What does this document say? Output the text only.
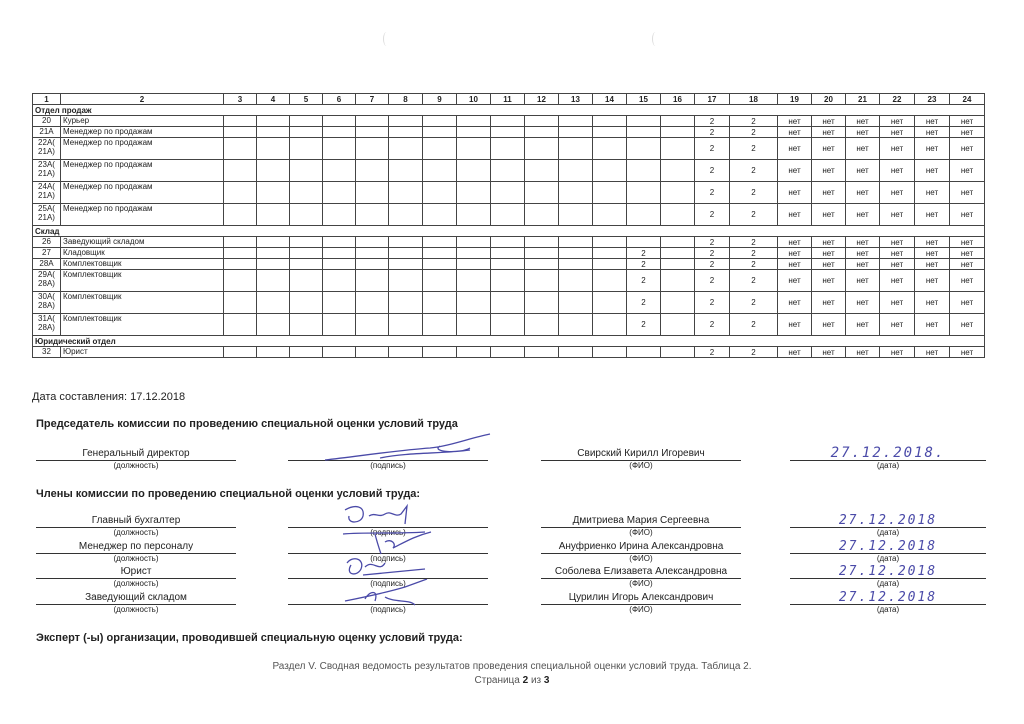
1	2	3	4	5	6	7	8	9	10	11	12	13	14	15	16	17	18	19	20	21	22	23	24
Отдел продаж																							
20	Курьер															2	2	нет	нет	нет	нет	нет	нет
21А	Менеджер по продажам															2	2	нет	нет	нет	нет	нет	нет
22А(
21А)	Менеджер по продажам															2	2	нет	нет	нет	нет	нет	нет
23А(
21А)	Менеджер по продажам															2	2	нет	нет	нет	нет	нет	нет
24А(
21А)	Менеджер по продажам															2	2	нет	нет	нет	нет	нет	нет
25А(
21А)	Менеджер по продажам															2	2	нет	нет	нет	нет	нет	нет
Склад																							
26	Заведующий складом															2	2	нет	нет	нет	нет	нет	нет
27	Кладовщик													2		2	2	нет	нет	нет	нет	нет	нет
28А	Комплектовщик													2		2	2	нет	нет	нет	нет	нет	нет
29А(
28А)	Комплектовщик													2		2	2	нет	нет	нет	нет	нет	нет
30А(
28А)	Комплектовщик													2		2	2	нет	нет	нет	нет	нет	нет
31А(
28А)	Комплектовщик													2		2	2	нет	нет	нет	нет	нет	нет
Юридический отдел																							
32	Юрист															2	2	нет	нет	нет	нет	нет	нет
Дата составления: 17.12.2018
Председатель комиссии по проведению специальной оценки условий труда
Генеральный директор
(должность)	(подпись)
Свирский Кирилл Игоревич
(ФИО)
27.12.2018.
(дата)
Члены комиссии по проведению специальной оценки условий труда:
Главный бухгалтер
(должность)	(подпись)
Дмитриева Мария Сергеевна
(ФИО)
27.12.2018
(дата)
Менеджер по персоналу
(должность)	(подпись)
Ануфриенко Ирина Александровна
(ФИО)
27.12.2018
(дата)
Юрист
(должность)	(подпись)
Соболева Елизавета Александровна
(ФИО)
27.12.2018
(дата)
Заведующий складом
(должность)	(подпись)
Цурилин Игорь Александрович
(ФИО)
27.12.2018
(дата)
Эксперт (-ы) организации, проводившей специальную оценку условий труда:
Раздел V. Сводная ведомость результатов проведения специальной оценки условий труда. Таблица 2.
Страница 2 из 3
